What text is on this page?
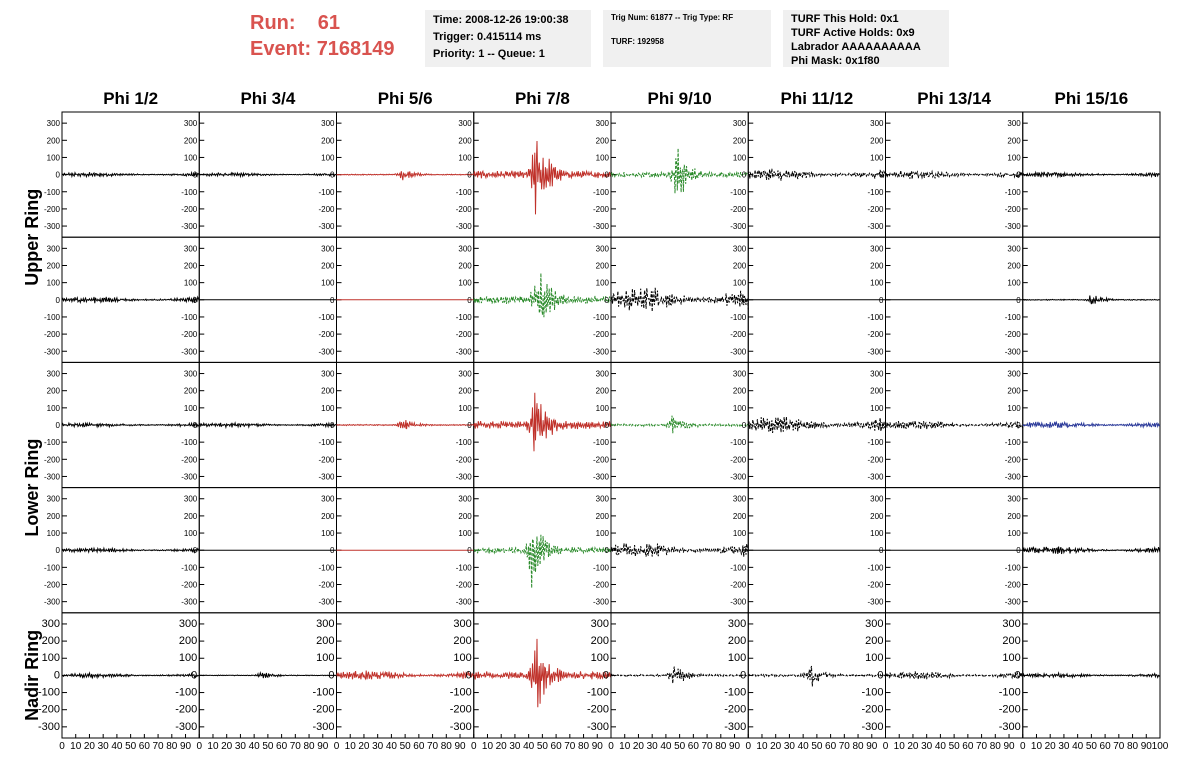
Run: 61
Event: 7168149
Time: 2008-12-26 19:00:38
Trigger: 0.415114 ms
Priority: 1 -- Queue: 1
Trig Num: 61877 -- Trig Type: RF

TURF: 192958
TURF This Hold: 0x1
TURF Active Holds: 0x9
Labrador AAAAAAAAAA
Phi Mask: 0x1f80
Phi 1/2	Phi 3/4	Phi 5/6	Phi 7/8	Phi 9/10	Phi 11/12	Phi 13/14	Phi 15/16
Upper Ring
Lower Ring
Nadir Ring
300
200
100
0
-100
-200
-300
300
200
100
0
-100
-200
-300
300
200
100
0
-100
-200
-300
300
200
100
0
-100
-200
-300
300
200
100
0
-100
-200
-300
300
200
100
0
-100
-200
-300
300
200
100
0
-100
-200
-300
300
200
100
0
-100
-200
-300
300
200
100
0
-100
-200
-300
300
200
100
0
-100
-200
-300
300
200
100
0
-100
-200
-300
300
200
100
0
-100
-200
-300
300
200
100
0
-100
-200
-300
300
200
100
0
-100
-200
-300
300
200
100
0
-100
-200
-300
300
200
100
0
-100
-200
-300
300
200
100
0
-100
-200
-300
300
200
100
0
-100
-200
-300
300
200
100
0
-100
-200
-300
300
200
100
0
-100
-200
-300
300
200
100
0
-100
-200
-300
300
200
100
0
-100
-200
-300
300
200
100
0
-100
-200
-300
300
200
100
0
-100
-200
-300
300
200
100
0
-100
-200
-300
300
200
100
0
-100
-200
-300
300
200
100
0
-100
-200
-300
300
200
100
0
-100
-200
-300
300
200
100
0
-100
-200
-300
300
200
100
0
-100
-200
-300
300
200
100
0
-100
-200
-300
300
200
100
0
-100
-200
-300
300
200
100
0
-100
-200
-300
300
200
100
0
-100
-200
-300
300
200
100
0
-100
-200
-300
300
200
100
0
-100
-200
-300
300
200
100
0
-100
-200
-300
300
200
100
0
-100
-200
-300
300
200
100
0
-100
-200
-300
300
200
100
0
-100
-200
-300
0 10 20 30 40 50 60 70 80 90 0 10 20 30 40 50 60 70 80 90 0 10 20 30 40 50 60 70 80 90 0 10 20 30 40 50 60 70 80 90 0 10 20 30 40 50 60 70 80 90 0 10 20 30 40 50 60 70 80 90 0 10 20 30 40 50 60 70 80 90 0 10 20 30 40 50 60 70 80 90 100
